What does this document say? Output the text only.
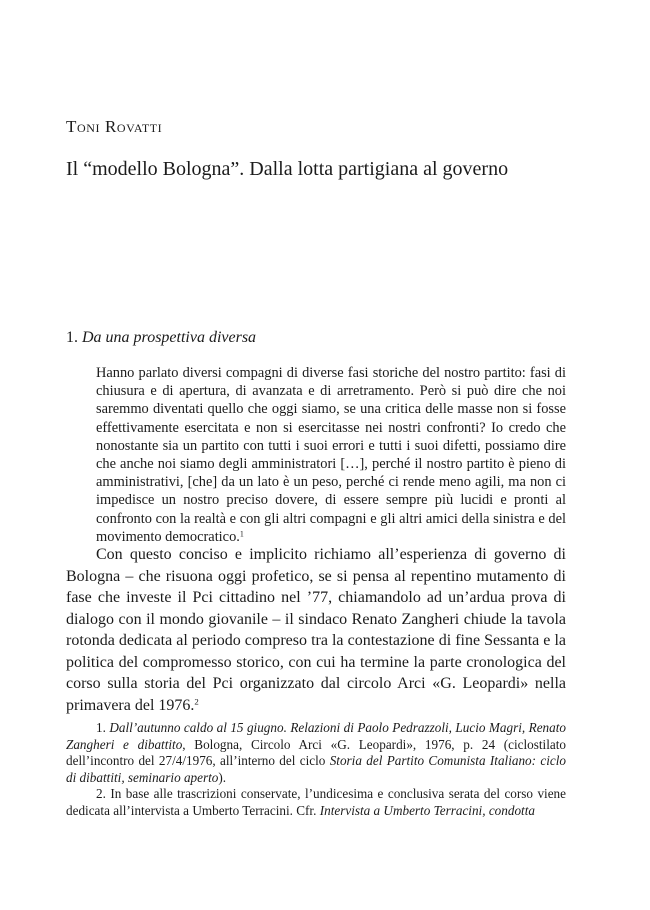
Toni Rovatti
Il “modello Bologna”. Dalla lotta partigiana al governo
1. Da una prospettiva diversa

Hanno parlato diversi compagni di diverse fasi storiche del nostro partito: fasi di chiusura e di apertura, di avanzata e di arretramento. Però si può dire che noi saremmo diventati quello che oggi siamo, se una critica delle masse non si fosse effettivamente esercitata e non si esercitasse nei nostri confronti? Io credo che nonostante sia un partito con tutti i suoi errori e tutti i suoi difetti, possiamo dire che anche noi siamo degli amministratori […], perché il nostro partito è pieno di amministrativi, [che] da un lato è un peso, perché ci rende meno agili, ma non ci impedisce un nostro preciso dovere, di essere sempre più lucidi e pronti al confronto con la realtà e con gli altri compagni e gli altri amici della sinistra e del movimento democratico.$^1$

Con questo conciso e implicito richiamo all’esperienza di governo di Bologna – che risuona oggi profetico, se si pensa al repentino mutamento di fase che investe il Pci cittadino nel ’77, chiamandolo ad un’ardua prova di dialogo con il mondo giovanile – il sindaco Renato Zangheri chiude la tavola rotonda dedicata al periodo compreso tra la contestazione di fine Sessanta e la politica del compromesso storico, con cui ha termine la parte cronologica del corso sulla storia del Pci organizzato dal circolo Arci «G. Leopardi» nella primavera del 1976.$^2$

1. Dall’autunno caldo al 15 giugno. Relazioni di Paolo Pedrazzoli, Lucio Magri, Renato Zangheri e dibattito, Bologna, Circolo Arci «G. Leopardi», 1976, p. 24 (ciclostilato dell’incontro del 27/4/1976, all’interno del ciclo Storia del Partito Comunista Italiano: ciclo di dibattiti, seminario aperto).

2. In base alle trascrizioni conservate, l’undicesima e conclusiva serata del corso viene dedicata all’intervista a Umberto Terracini. Cfr. Intervista a Umberto Terracini, condotta
